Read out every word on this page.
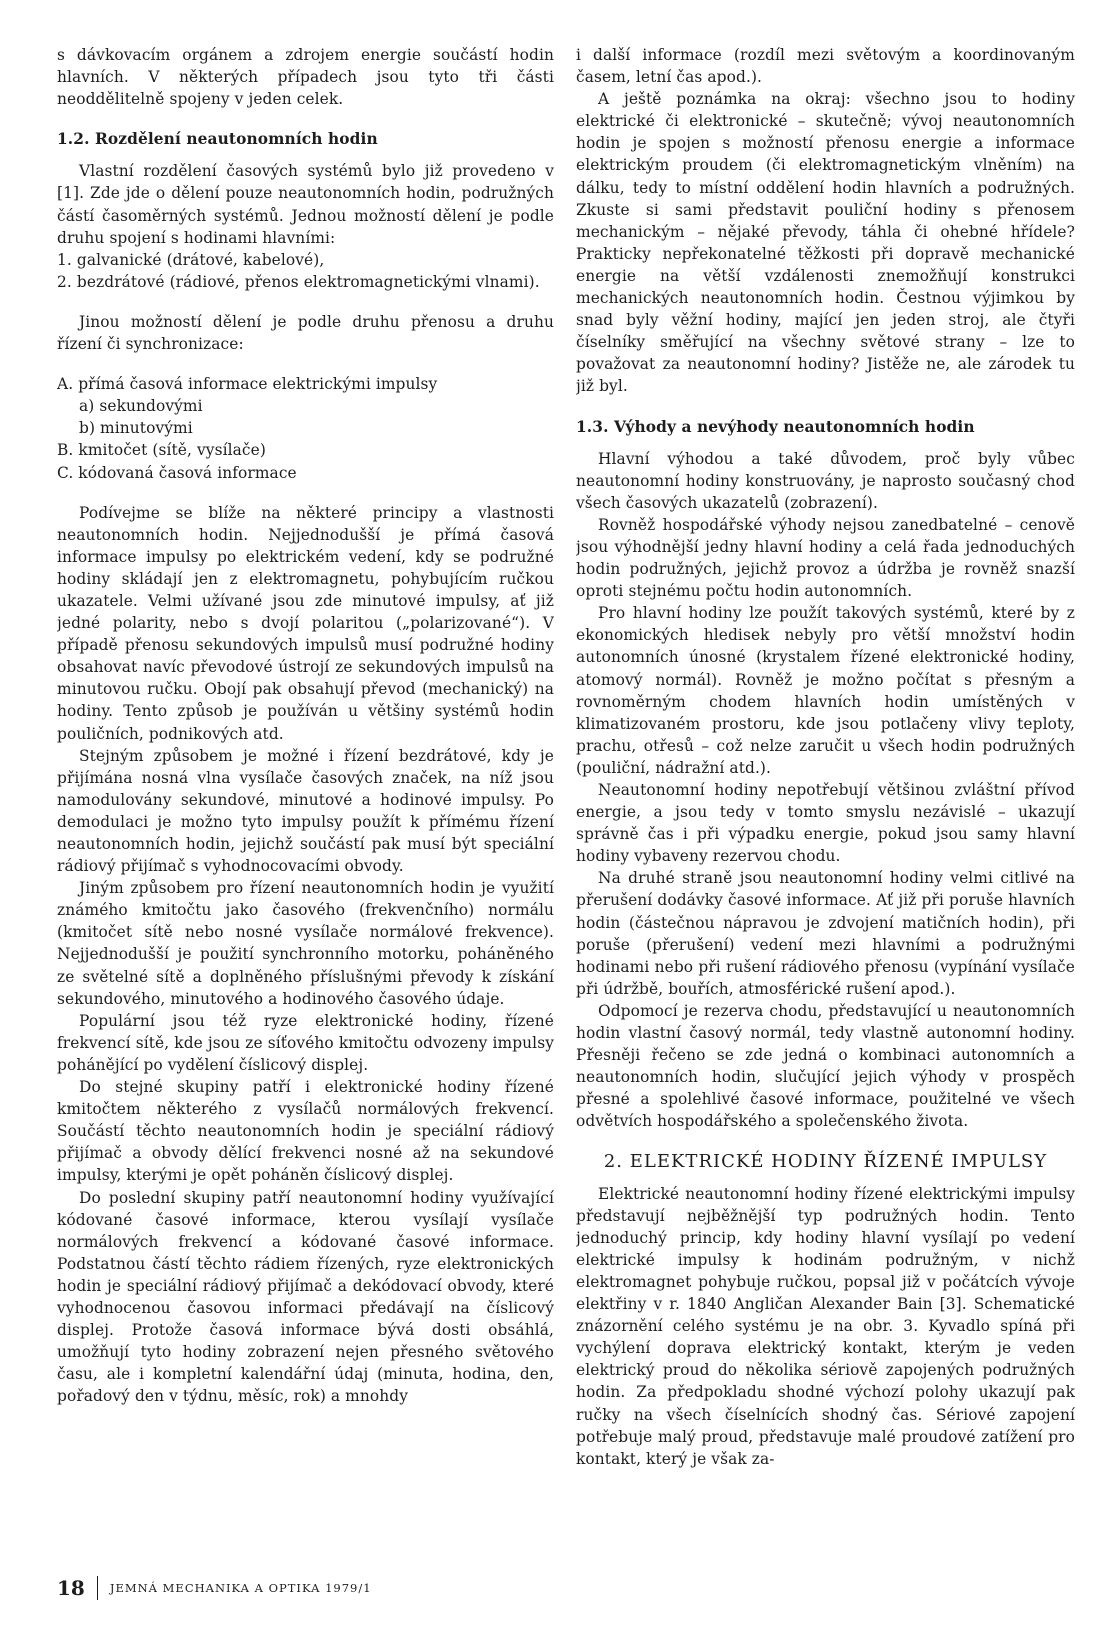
s dávkovacím orgánem a zdrojem energie součástí hodin hlavních. V některých případech jsou tyto tři části neoddělitelně spojeny v jeden celek.

1.2. Rozdělení neautonomních hodin

Vlastní rozdělení časových systémů bylo již provedeno v [1]. Zde jde o dělení pouze neautonomních hodin, podružných částí časoměrných systémů. Jednou možností dělení je podle druhu spojení s hodinami hlavními:

1. galvanické (drátové, kabelové),

2. bezdrátové (rádiové, přenos elektromagnetickými vlnami).

Jinou možností dělení je podle druhu přenosu a druhu řízení či synchronizace:

A. přímá časová informace elektrickými impulsy

a) sekundovými

b) minutovými

B. kmitočet (sítě, vysílače)

C. kódovaná časová informace

Podívejme se blíže na některé principy a vlastnosti neautonomních hodin. Nejjednodušší je přímá časová informace impulsy po elektrickém vedení, kdy se podružné hodiny skládají jen z elektromagnetu, pohybujícím ručkou ukazatele. Velmi užívané jsou zde minutové impulsy, ať již jedné polarity, nebo s dvojí polaritou („polarizované“). V případě přenosu sekundových impulsů musí podružné hodiny obsahovat navíc převodové ústrojí ze sekundových impulsů na minutovou ručku. Obojí pak obsahují převod (mechanický) na hodiny. Tento způsob je používán u většiny systémů hodin pouličních, podnikových atd.

Stejným způsobem je možné i řízení bezdrátové, kdy je přijímána nosná vlna vysílače časových značek, na níž jsou namodulovány sekundové, minutové a hodinové impulsy. Po demodulaci je možno tyto impulsy použít k přímému řízení neautonomních hodin, jejichž součástí pak musí být speciální rádiový přijímač s vyhodnocovacími obvody.

Jiným způsobem pro řízení neautonomních hodin je využití známého kmitočtu jako časového (frekvenčního) normálu (kmitočet sítě nebo nosné vysílače normálové frekvence). Nejjednodušší je použití synchronního motorku, poháněného ze světelné sítě a doplněného příslušnými převody k získání sekundového, minutového a hodinového časového údaje.

Populární jsou též ryze elektronické hodiny, řízené frekvencí sítě, kde jsou ze síťového kmitočtu odvozeny impulsy pohánějící po vydělení číslicový displej.

Do stejné skupiny patří i elektronické hodiny řízené kmitočtem některého z vysílačů normálových frekvencí. Součástí těchto neautonomních hodin je speciální rádiový přijímač a obvody dělící frekvenci nosné až na sekundové impulsy, kterými je opět poháněn číslicový displej.

Do poslední skupiny patří neautonomní hodiny využívající kódované časové informace, kterou vysílají vysílače normálových frekvencí a kódované časové informace. Podstatnou částí těchto rádiem řízených, ryze elektronických hodin je speciální rádiový přijímač a dekódovací obvody, které vyhodnocenou časovou informaci předávají na číslicový displej. Protože časová informace bývá dosti obsáhlá, umožňují tyto hodiny zobrazení nejen přesného světového času, ale i kompletní kalendářní údaj (minuta, hodina, den, pořadový den v týdnu, měsíc, rok) a mnohdy

i další informace (rozdíl mezi světovým a koordinovaným časem, letní čas apod.).

A ještě poznámka na okraj: všechno jsou to hodiny elektrické či elektronické – skutečně; vývoj neautonomních hodin je spojen s možností přenosu energie a informace elektrickým proudem (či elektromagnetickým vlněním) na dálku, tedy to místní oddělení hodin hlavních a podružných. Zkuste si sami představit pouliční hodiny s přenosem mechanickým – nějaké převody, táhla či ohebné hřídele? Prakticky nepřekonatelné těžkosti při dopravě mechanické energie na větší vzdálenosti znemožňují konstrukci mechanických neautonomních hodin. Čestnou výjimkou by snad byly věžní hodiny, mající jen jeden stroj, ale čtyři číselníky směřující na všechny světové strany – lze to považovat za neautonomní hodiny? Jistěže ne, ale zárodek tu již byl.

1.3. Výhody a nevýhody neautonomních hodin

Hlavní výhodou a také důvodem, proč byly vůbec neautonomní hodiny konstruovány, je naprosto současný chod všech časových ukazatelů (zobrazení).

Rovněž hospodářské výhody nejsou zanedbatelné – cenově jsou výhodnější jedny hlavní hodiny a celá řada jednoduchých hodin podružných, jejichž provoz a údržba je rovněž snazší oproti stejnému počtu hodin autonomních.

Pro hlavní hodiny lze použít takových systémů, které by z ekonomických hledisek nebyly pro větší množství hodin autonomních únosné (krystalem řízené elektronické hodiny, atomový normál). Rovněž je možno počítat s přesným a rovnoměrným chodem hlavních hodin umístěných v klimatizovaném prostoru, kde jsou potlačeny vlivy teploty, prachu, otřesů – což nelze zaručit u všech hodin podružných (pouliční, nádražní atd.).

Neautonomní hodiny nepotřebují většinou zvláštní přívod energie, a jsou tedy v tomto smyslu nezávislé – ukazují správně čas i při výpadku energie, pokud jsou samy hlavní hodiny vybaveny rezervou chodu.

Na druhé straně jsou neautonomní hodiny velmi citlivé na přerušení dodávky časové informace. Ať již při poruše hlavních hodin (částečnou nápravou je zdvojení matičních hodin), při poruše (přerušení) vedení mezi hlavními a podružnými hodinami nebo při rušení rádiového přenosu (vypínání vysílače při údržbě, bouřích, atmosférické rušení apod.).

Odpomocí je rezerva chodu, představující u neautonomních hodin vlastní časový normál, tedy vlastně autonomní hodiny. Přesněji řečeno se zde jedná o kombinaci autonomních a neautonomních hodin, slučující jejich výhody v prospěch přesné a spolehlivé časové informace, použitelné ve všech odvětvích hospodářského a společenského života.

2. ELEKTRICKÉ HODINY ŘÍZENÉ IMPULSY

Elektrické neautonomní hodiny řízené elektrickými impulsy představují nejběžnější typ podružných hodin. Tento jednoduchý princip, kdy hodiny hlavní vysílají po vedení elektrické impulsy k hodinám podružným, v nichž elektromagnet pohybuje ručkou, popsal již v počátcích vývoje elektřiny v r. 1840 Angličan Alexander Bain [3]. Schematické znázornění celého systému je na obr. 3. Kyvadlo spíná při vychýlení doprava elektrický kontakt, kterým je veden elektrický proud do několika sériově zapojených podružných hodin. Za předpokladu shodné výchozí polohy ukazují pak ručky na všech číselnících shodný čas. Sériové zapojení potřebuje malý proud, představuje malé proudové zatížení pro kontakt, který je však za-

18 JEMNÁ MECHANIKA A OPTIKA 1979/1
